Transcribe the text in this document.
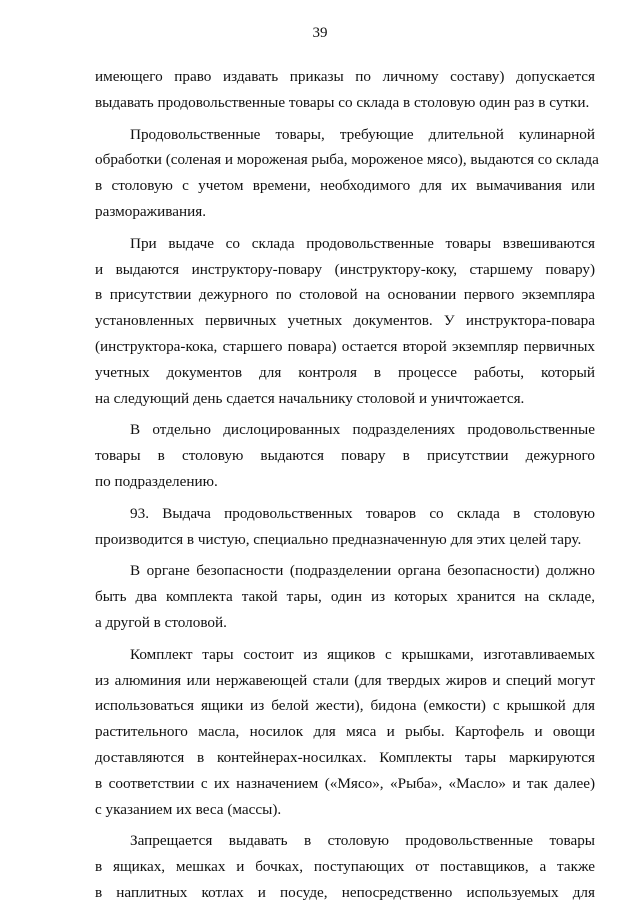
39
имеющего право издавать приказы по личному составу) допускается
выдавать продовольственные товары со склада в столовую один раз в сутки.
Продовольственные товары, требующие длительной кулинарной
обработки (соленая и мороженая рыба, мороженое мясо), выдаются со склада
в столовую с учетом времени, необходимого для их вымачивания или
размораживания.
При выдаче со склада продовольственные товары взвешиваются
и выдаются инструктору-повару (инструктору-коку, старшему повару)
в присутствии дежурного по столовой на основании первого экземпляра
установленных первичных учетных документов. У инструктора-повара
(инструктора-кока, старшего повара) остается второй экземпляр первичных
учетных документов для контроля в процессе работы, который
на следующий день сдается начальнику столовой и уничтожается.
В отдельно дислоцированных подразделениях продовольственные
товары в столовую выдаются повару в присутствии дежурного
по подразделению.
93. Выдача продовольственных товаров со склада в столовую
производится в чистую, специально предназначенную для этих целей тару.
В органе безопасности (подразделении органа безопасности) должно
быть два комплекта такой тары, один из которых хранится на складе,
а другой в столовой.
Комплект тары состоит из ящиков с крышками, изготавливаемых
из алюминия или нержавеющей стали (для твердых жиров и специй могут
использоваться ящики из белой жести), бидона (емкости) с крышкой для
растительного масла, носилок для мяса и рыбы. Картофель и овощи
доставляются в контейнерах-носилках. Комплекты тары маркируются
в соответствии с их назначением («Мясо», «Рыба», «Масло» и так далее)
с указанием их веса (массы).
Запрещается выдавать в столовую продовольственные товары
в ящиках, мешках и бочках, поступающих от поставщиков, а также
в наплитных котлах и посуде, непосредственно используемых для
